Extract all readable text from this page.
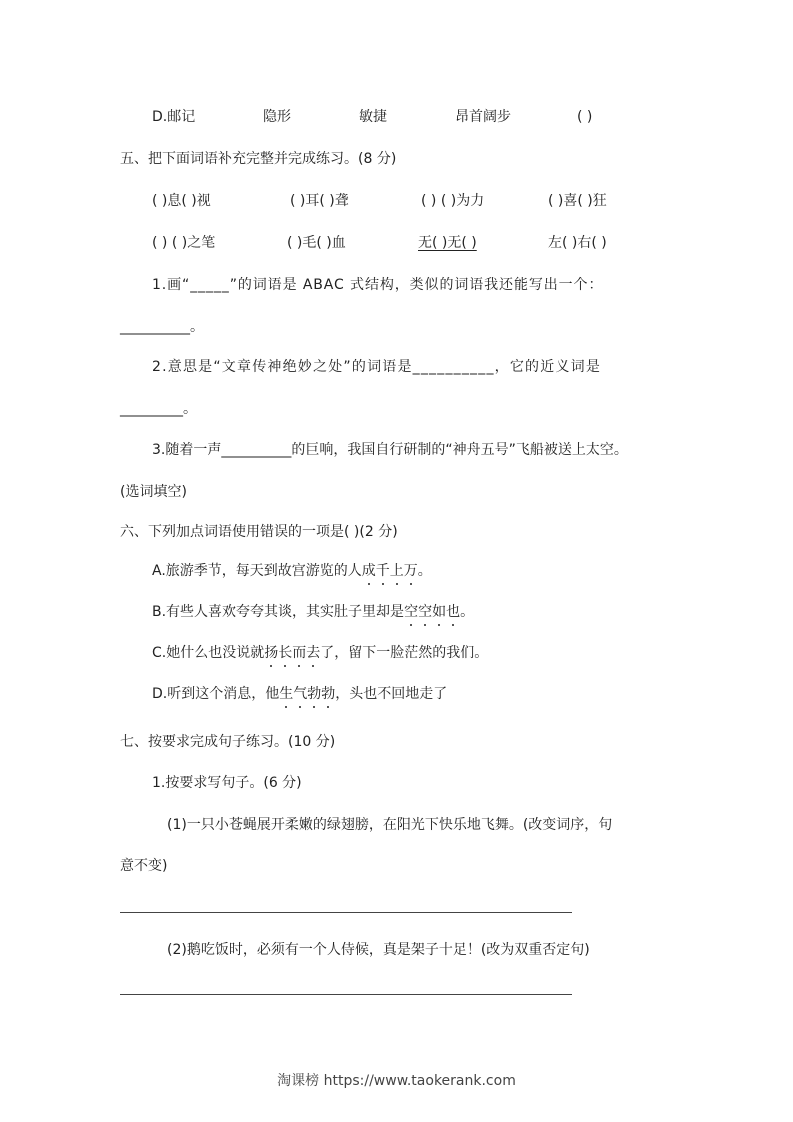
D.邮记	隐形	敏捷	昂首阔步	( )
五、把下面词语补充完整并完成练习。(8 分)
( )息( )视	( )耳( )聋	( ) ( )为力	( )喜( )狂
( ) ( )之笔	( )毛( )血	无( )无( )	左( )右( )
1.画“_____”的词语是 ABAC 式结构，类似的词语我还能写出一个：
__________。
2.意思是“文章传神绝妙之处”的词语是__________，它的近义词是
_________。
3.随着一声__________的巨响，我国自行研制的“神舟五号”飞船被送上太空。
(选词填空)
六、下列加点词语使用错误的一项是( )(2 分)
A.旅游季节，每天到故宫游览的人成千上万。
B.有些人喜欢夸夸其谈，其实肚子里却是空空如也。
C.她什么也没说就扬长而去了，留下一脸茫然的我们。
D.听到这个消息，他生气勃勃，头也不回地走了
七、按要求完成句子练习。(10 分)
1.按要求写句子。(6 分)
(1)一只小苍蝇展开柔嫩的绿翅膀，在阳光下快乐地飞舞。(改变词序，句
意不变)
(2)鹅吃饭时，必须有一个人侍候，真是架子十足！(改为双重否定句)
淘课榜 https://www.taokerank.com
